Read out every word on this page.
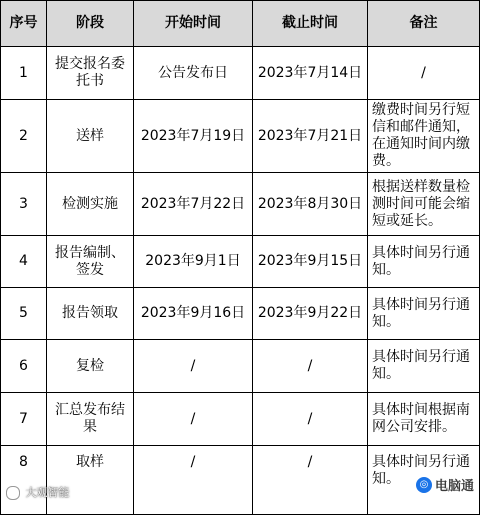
序号	阶段	开始时间	截止时间	备注
1	提交报名委托书	公告发布日	2023年7月14日	/
2	送样	2023年7月19日	2023年7月21日	缴费时间另行短信和邮件通知，在通知时间内缴费。
3	检测实施	2023年7月22日	2023年8月30日	根据送样数量检测时间可能会缩短或延长。
4	报告编制、签发	2023年9月1日	2023年9月15日	具体时间另行通知。
5	报告领取	2023年9月16日	2023年9月22日	具体时间另行通知。
6	复检	/	/	具体时间另行通知。
7	汇总发布结果	/	/	具体时间根据南网公司安排。
8	取样	/	/	具体时间另行通知。
大观智能
◎ 电脑通
